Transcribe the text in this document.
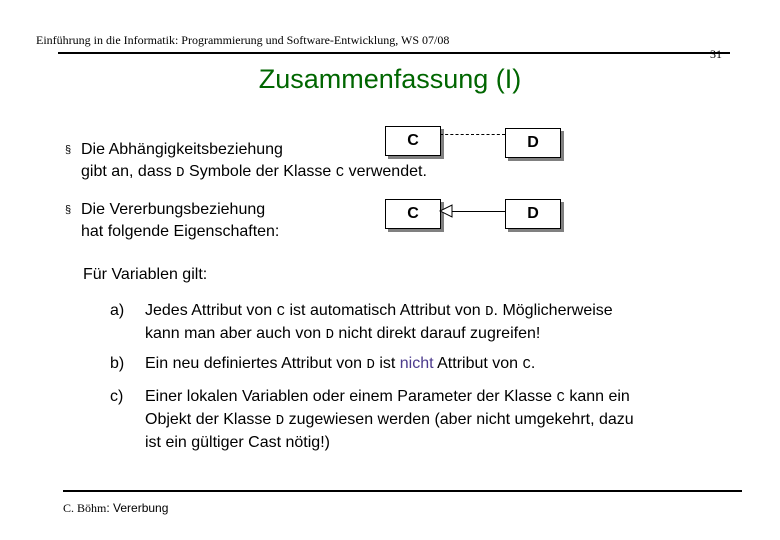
Einführung in die Informatik: Programmierung und Software-Entwicklung, WS 07/08
31
Zusammenfassung (I)
§ Die Abhängigkeitsbeziehung
gibt an, dass D Symbole der Klasse C verwendet.
§ Die Vererbungsbeziehung
hat folgende Eigenschaften:
C	D
C	D
Für Variablen gilt:
a) Jedes Attribut von C ist automatisch Attribut von D. Möglicherweise
kann man aber auch von D nicht direkt darauf zugreifen!
b) Ein neu definiertes Attribut von D ist nicht Attribut von C.
c) Einer lokalen Variablen oder einem Parameter der Klasse C kann ein
Objekt der Klasse D zugewiesen werden (aber nicht umgekehrt, dazu
ist ein gültiger Cast nötig!)
C. Böhm: Vererbung
